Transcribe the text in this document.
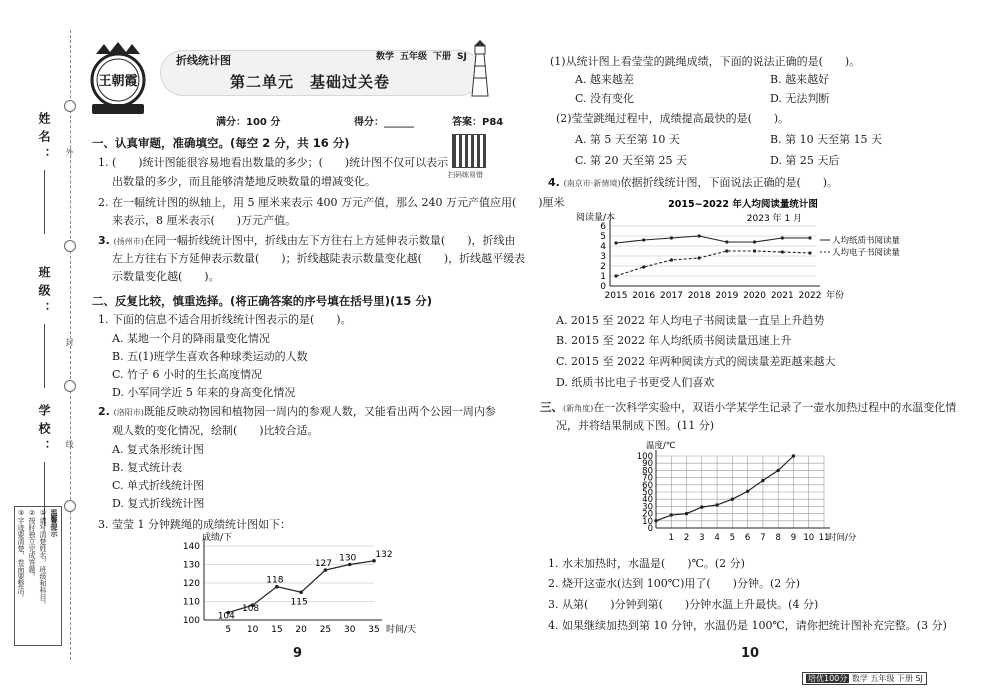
姓名：
班级：
学校：
外
封
线
温馨提示
①请写清楚姓名，班级和科目。
②按时独立完成答题。
③字迹要清楚，卷面要整洁。
王朝霞
折线统计图	数学 五年级 下册 SJ
第二单元　基础过关卷
满分：100 分	得分：______	答案：P84
扫码练易错
一、认真审题，准确填空。(每空 2 分，共 16 分)
1. (　　)统计图能很容易地看出数量的多少；(　　)统计图不仅可以表示
出数量的多少，而且能够清楚地反映数量的增减变化。
2. 在一幅统计图的纵轴上，用 5 厘米来表示 400 万元产值，那么 240 万元产值应用(　　)厘米
来表示，8 厘米表示(　　)万元产值。
3. (扬州市)在同一幅折线统计图中，折线由左下方往右上方延伸表示数量(　　)，折线由
左上方往右下方延伸表示数量(　　)；折线越陡表示数量变化越(　　)，折线越平缓表
示数量变化越(　　)。
二、反复比较，慎重选择。(将正确答案的序号填在括号里)(15 分)
1. 下面的信息不适合用折线统计图表示的是(　　)。
A. 某地一个月的降雨量变化情况
B. 五(1)班学生喜欢各种球类运动的人数
C. 竹子 6 小时的生长高度情况
D. 小军同学近 5 年来的身高变化情况
2. (洛阳市)既能反映动物园和植物园一周内的参观人数，又能看出两个公园一周内参
观人数的变化情况，绘制(　　)比较合适。
A. 复式条形统计图
B. 复式统计表
C. 单式折线统计图
D. 复式折线统计图
3. 莹莹 1 分钟跳绳的成绩统计图如下：
100
110
120
130
140
成绩/下
时间/天
5 10 15 20 25 30 35
104
108
118
115
127
130 132
9
(1)从统计图上看莹莹的跳绳成绩，下面的说法正确的是(　　)。
A. 越来越差	B. 越来越好
C. 没有变化	D. 无法判断
(2)莹莹跳绳过程中，成绩提高最快的是(　　)。
A. 第 5 天至第 10 天	B. 第 10 天至第 15 天
C. 第 20 天至第 25 天	D. 第 25 天后
4. (南京市·新情境)依据折线统计图，下面说法正确的是(　　)。
2015~2022 年人均阅读量统计图
2023 年 1 月
0
1
2
3
4
5
6
阅读量/本
年份
2015 2016 2017 2018 2019 2020 2021 2022
人均纸质书阅读量
人均电子书阅读量
A. 2015 至 2022 年人均电子书阅读量一直呈上升趋势
B. 2015 至 2022 年人均纸质书阅读量迅速上升
C. 2015 至 2022 年两种阅读方式的阅读量差距越来越大
D. 纸质书比电子书更受人们喜欢
三、(新角度)在一次科学实验中，双语小学某学生记录了一壶水加热过程中的水温变化情
况，并将结果制成下图。(11 分)
0
10
20
30
40
50
60
70
80
90
100
1 2 3 4 5 6 7 8 9 10 11
温度/℃
时间/分
1. 水未加热时，水温是(　　)℃。(2 分)
2. 烧开这壶水(达到 100℃)用了(　　)分钟。(2 分)
3. 从第(　　)分钟到第(　　)分钟水温上升最快。(4 分)
4. 如果继续加热到第 10 分钟，水温仍是 100℃，请你把统计图补充完整。(3 分)
10
培优100分 数学 五年级 下册 SJ
